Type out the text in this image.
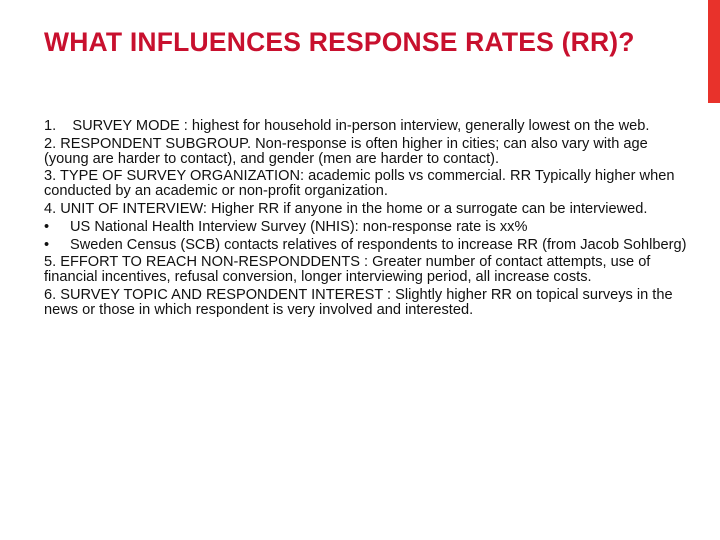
WHAT INFLUENCES RESPONSE RATES (RR)?

1.    SURVEY MODE : highest for household in-person interview, generally lowest on the web.

2. RESPONDENT SUBGROUP. Non-response is often higher in cities; can also vary with age (young are harder to contact), and gender (men are harder to contact).

3. TYPE OF SURVEY ORGANIZATION: academic polls vs commercial. RR Typically higher when conducted by an academic or non-profit organization.

4. UNIT OF INTERVIEW: Higher RR if anyone in the home or a surrogate can be interviewed.

• US National Health Interview Survey (NHIS): non-response rate is xx%
• Sweden Census (SCB) contacts relatives of respondents to increase RR (from Jacob Sohlberg)

5. EFFORT TO REACH NON-RESPONDDENTS : Greater number of contact attempts, use of financial incentives, refusal conversion, longer interviewing period, all increase costs.

6. SURVEY TOPIC AND RESPONDENT INTEREST : Slightly higher RR on topical surveys in the news or those in which respondent is very involved and interested.
